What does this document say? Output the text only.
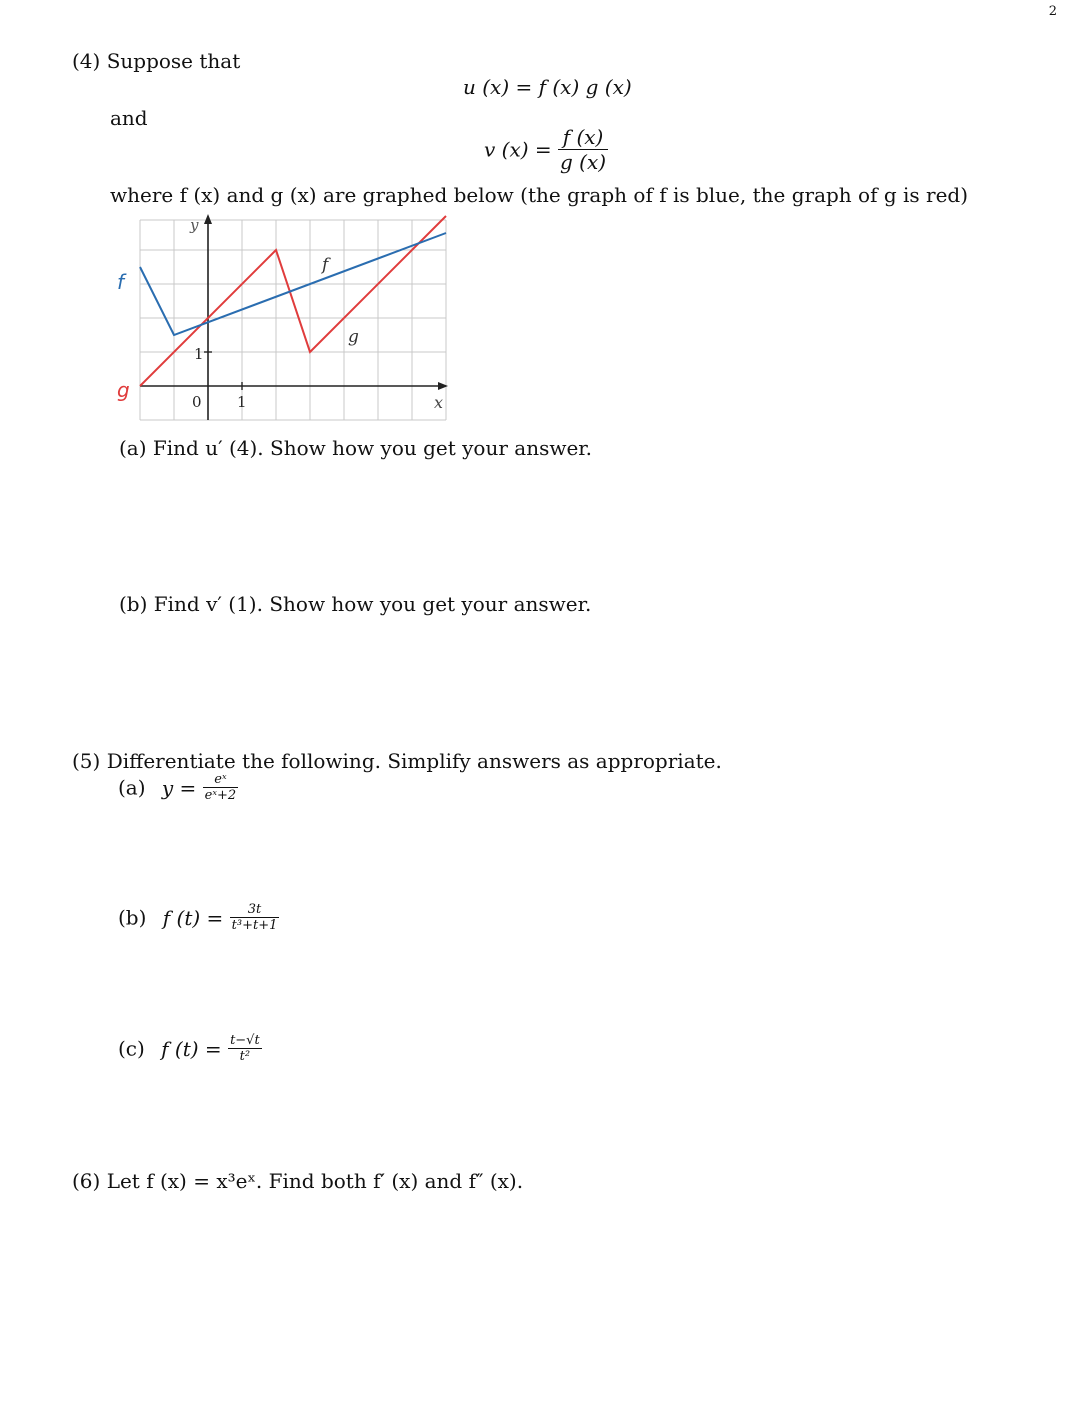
2
(4) Suppose that
u (x) = f (x) g (x)
and
v $(x) = \frac{f (x)}{g (x)}$
where f (x) and g (x) are graphed below (the graph of f is blue, the graph of g is red)
y
x
f
g
0 1
1
f
g
(a) Find u′ (4). Show how you get your answer.
(b) Find v′ (1). Show how you get your answer.
(5) Differentiate the following. Simplify answers as appropriate.
(a) $y = \frac{\text{eˣ}}{\text{eˣ+2}}$
(b) f $(t) = \frac{3t}{\text{t³+t+1}}$
(c) f $(t) = \frac{t-√t}{\text{t²}}$
(6) Let f (x) = x³eˣ. Find both f′ (x) and f″ (x).
